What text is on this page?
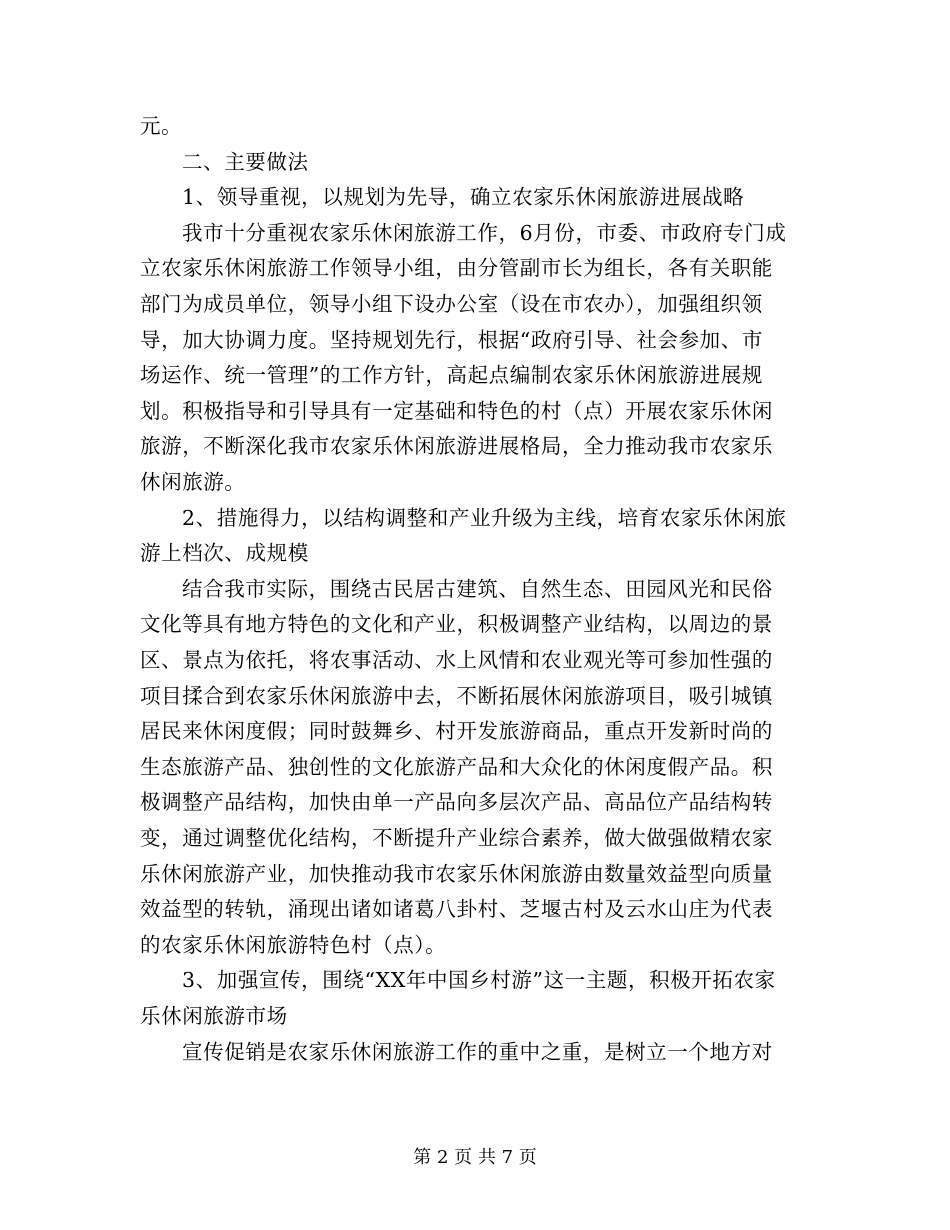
元。
二、主要做法
1、领导重视，以规划为先导，确立农家乐休闲旅游进展战略
我市十分重视农家乐休闲旅游工作，6月份，市委、市政府专门成
立农家乐休闲旅游工作领导小组，由分管副市长为组长，各有关职能
部门为成员单位，领导小组下设办公室（设在市农办），加强组织领
导，加大协调力度。坚持规划先行，根据“政府引导、社会参加、市
场运作、统一管理”的工作方针，高起点编制农家乐休闲旅游进展规
划。积极指导和引导具有一定基础和特色的村（点）开展农家乐休闲
旅游，不断深化我市农家乐休闲旅游进展格局，全力推动我市农家乐
休闲旅游。
2、措施得力，以结构调整和产业升级为主线，培育农家乐休闲旅
游上档次、成规模
结合我市实际，围绕古民居古建筑、自然生态、田园风光和民俗
文化等具有地方特色的文化和产业，积极调整产业结构，以周边的景
区、景点为依托，将农事活动、水上风情和农业观光等可参加性强的
项目揉合到农家乐休闲旅游中去，不断拓展休闲旅游项目，吸引城镇
居民来休闲度假；同时鼓舞乡、村开发旅游商品，重点开发新时尚的
生态旅游产品、独创性的文化旅游产品和大众化的休闲度假产品。积
极调整产品结构，加快由单一产品向多层次产品、高品位产品结构转
变，通过调整优化结构，不断提升产业综合素养，做大做强做精农家
乐休闲旅游产业，加快推动我市农家乐休闲旅游由数量效益型向质量
效益型的转轨，涌现出诸如诸葛八卦村、芝堰古村及云水山庄为代表
的农家乐休闲旅游特色村（点）。
3、加强宣传，围绕“XX年中国乡村游”这一主题，积极开拓农家
乐休闲旅游市场
宣传促销是农家乐休闲旅游工作的重中之重，是树立一个地方对
第 2 页 共 7 页
